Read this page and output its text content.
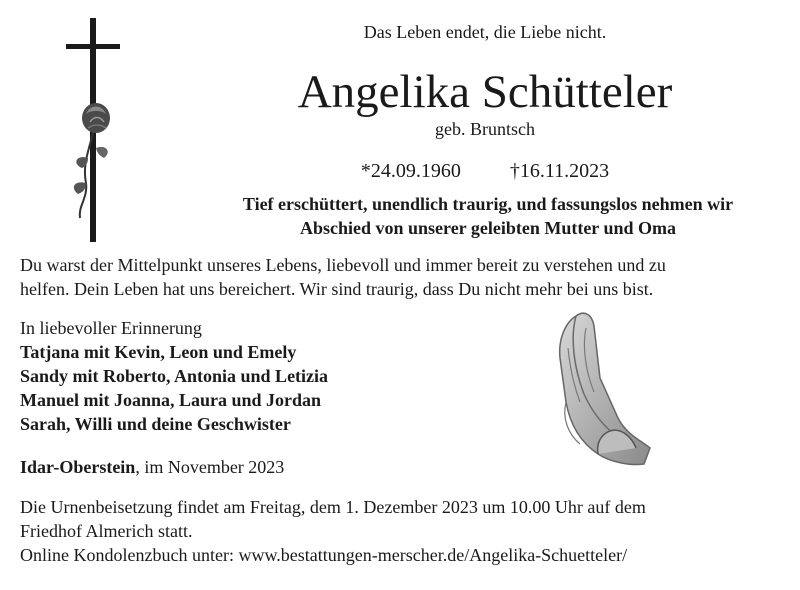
Das Leben endet, die Liebe nicht.
Angelika Schütteler
geb. Bruntsch
*24.09.1960 †16.11.2023
Tief erschüttert, unendlich traurig, und fassungslos nehmen wir
Abschied von unserer geleibten Mutter und Oma
Du warst der Mittelpunkt unseres Lebens, liebevoll und immer bereit zu verstehen und zu
helfen. Dein Leben hat uns bereichert. Wir sind traurig, dass Du nicht mehr bei uns bist.
In liebevoller Erinnerung
Tatjana mit Kevin, Leon und Emely
Sandy mit Roberto, Antonia und Letizia
Manuel mit Joanna, Laura und Jordan
Sarah, Willi und deine Geschwister
Idar-Oberstein, im November 2023
Die Urnenbeisetzung findet am Freitag, dem 1. Dezember 2023 um 10.00 Uhr auf dem
Friedhof Almerich statt.
Online Kondolenzbuch unter: www.bestattungen-merscher.de/Angelika-Schuetteler/
